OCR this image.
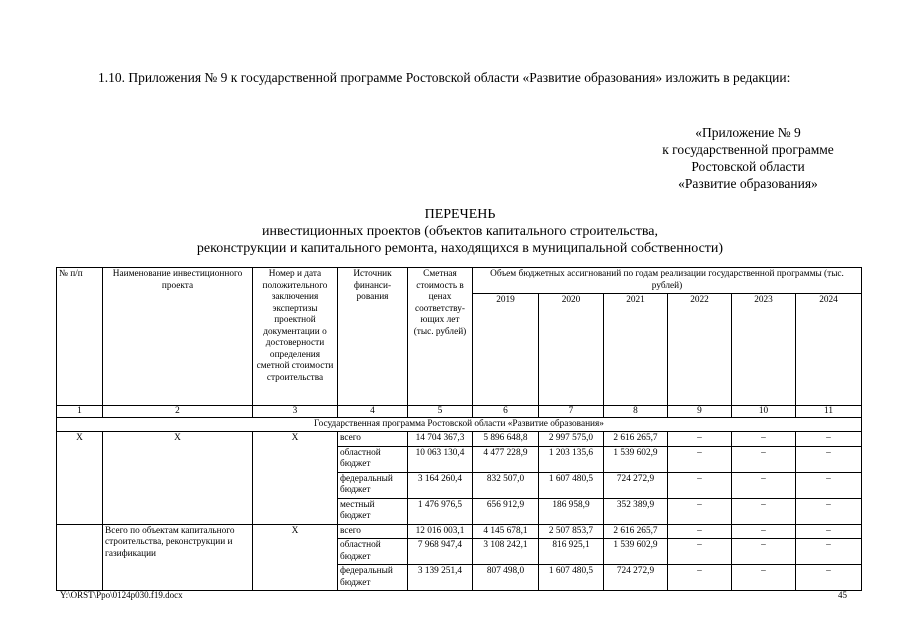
1.10. Приложения № 9 к государственной программе Ростовской области «Развитие образования» изложить в редакции:
«Приложение № 9
к государственной программе
Ростовской области
«Развитие образования»
ПЕРЕЧЕНЬ
инвестиционных проектов (объектов капитального строительства,
реконструкции и капитального ремонта, находящихся в муниципальной собственности)
№ п/п	Наименование инвестиционного проекта	Номер и дата положительного заключения экспертизы проектной документации о достоверности определения сметной стоимости строительства	Источник финанси-рования	Сметная стоимость в ценах соответству-ющих лет (тыс. рублей)	Объем бюджетных ассигнований по годам реализации государственной программы (тыс. рублей)					
					2019	2020	2021	2022	2023	2024
1	2	3	4	5	6	7	8	9	10	11
Государственная программа Ростовской области «Развитие образования»										
X	X	X	всего	14 704 367,3	5 896 648,8	2 997 575,0	2 616 265,7	–	–	–
			областной бюджет	10 063 130,4	4 477 228,9	1 203 135,6	1 539 602,9	–	–	–
			федеральный бюджет	3 164 260,4	832 507,0	1 607 480,5	724 272,9	–	–	–
			местный бюджет	1 476 976,5	656 912,9	186 958,9	352 389,9	–	–	–
	Всего по объектам капитального строительства, реконструкции и газификации	X	всего	12 016 003,1	4 145 678,1	2 507 853,7	2 616 265,7	–	–	–
			областной бюджет	7 968 947,4	3 108 242,1	816 925,1	1 539 602,9	–	–	–
			федеральный бюджет	3 139 251,4	807 498,0	1 607 480,5	724 272,9	–	–	–
Y:\ORST\Ppo\0124p030.f19.docx	45
